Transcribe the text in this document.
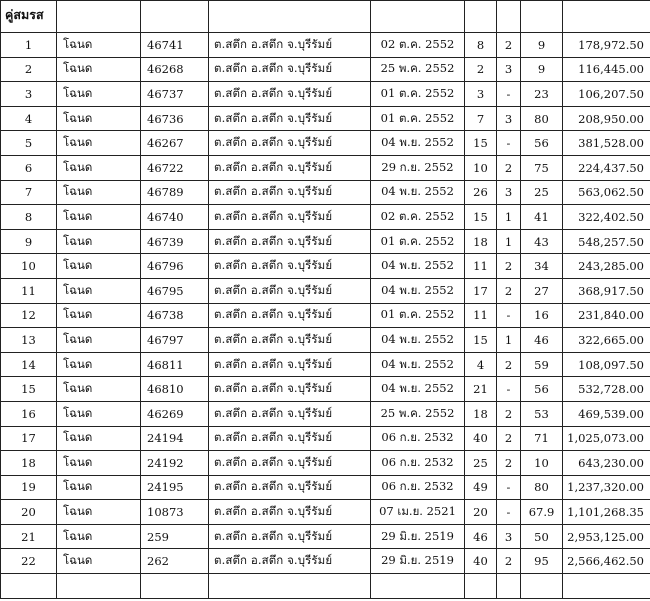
คู่สมรส								
1	โฉนด	46741	ต.สตึก อ.สตึก จ.บุรีรัมย์	02 ต.ค. 2552	8	2	9	178,972.50
2	โฉนด	46268	ต.สตึก อ.สตึก จ.บุรีรัมย์	25 พ.ค. 2552	2	3	9	116,445.00
3	โฉนด	46737	ต.สตึก อ.สตึก จ.บุรีรัมย์	01 ต.ค. 2552	3	-	23	106,207.50
4	โฉนด	46736	ต.สตึก อ.สตึก จ.บุรีรัมย์	01 ต.ค. 2552	7	3	80	208,950.00
5	โฉนด	46267	ต.สตึก อ.สตึก จ.บุรีรัมย์	04 พ.ย. 2552	15	-	56	381,528.00
6	โฉนด	46722	ต.สตึก อ.สตึก จ.บุรีรัมย์	29 ก.ย. 2552	10	2	75	224,437.50
7	โฉนด	46789	ต.สตึก อ.สตึก จ.บุรีรัมย์	04 พ.ย. 2552	26	3	25	563,062.50
8	โฉนด	46740	ต.สตึก อ.สตึก จ.บุรีรัมย์	02 ต.ค. 2552	15	1	41	322,402.50
9	โฉนด	46739	ต.สตึก อ.สตึก จ.บุรีรัมย์	01 ต.ค. 2552	18	1	43	548,257.50
10	โฉนด	46796	ต.สตึก อ.สตึก จ.บุรีรัมย์	04 พ.ย. 2552	11	2	34	243,285.00
11	โฉนด	46795	ต.สตึก อ.สตึก จ.บุรีรัมย์	04 พ.ย. 2552	17	2	27	368,917.50
12	โฉนด	46738	ต.สตึก อ.สตึก จ.บุรีรัมย์	01 ต.ค. 2552	11	-	16	231,840.00
13	โฉนด	46797	ต.สตึก อ.สตึก จ.บุรีรัมย์	04 พ.ย. 2552	15	1	46	322,665.00
14	โฉนด	46811	ต.สตึก อ.สตึก จ.บุรีรัมย์	04 พ.ย. 2552	4	2	59	108,097.50
15	โฉนด	46810	ต.สตึก อ.สตึก จ.บุรีรัมย์	04 พ.ย. 2552	21	-	56	532,728.00
16	โฉนด	46269	ต.สตึก อ.สตึก จ.บุรีรัมย์	25 พ.ค. 2552	18	2	53	469,539.00
17	โฉนด	24194	ต.สตึก อ.สตึก จ.บุรีรัมย์	06 ก.ย. 2532	40	2	71	1,025,073.00
18	โฉนด	24192	ต.สตึก อ.สตึก จ.บุรีรัมย์	06 ก.ย. 2532	25	2	10	643,230.00
19	โฉนด	24195	ต.สตึก อ.สตึก จ.บุรีรัมย์	06 ก.ย. 2532	49	-	80	1,237,320.00
20	โฉนด	10873	ต.สตึก อ.สตึก จ.บุรีรัมย์	07 เม.ย. 2521	20	-	67.9	1,101,268.35
21	โฉนด	259	ต.สตึก อ.สตึก จ.บุรีรัมย์	29 มิ.ย. 2519	46	3	50	2,953,125.00
22	โฉนด	262	ต.สตึก อ.สตึก จ.บุรีรัมย์	29 มิ.ย. 2519	40	2	95	2,566,462.50
